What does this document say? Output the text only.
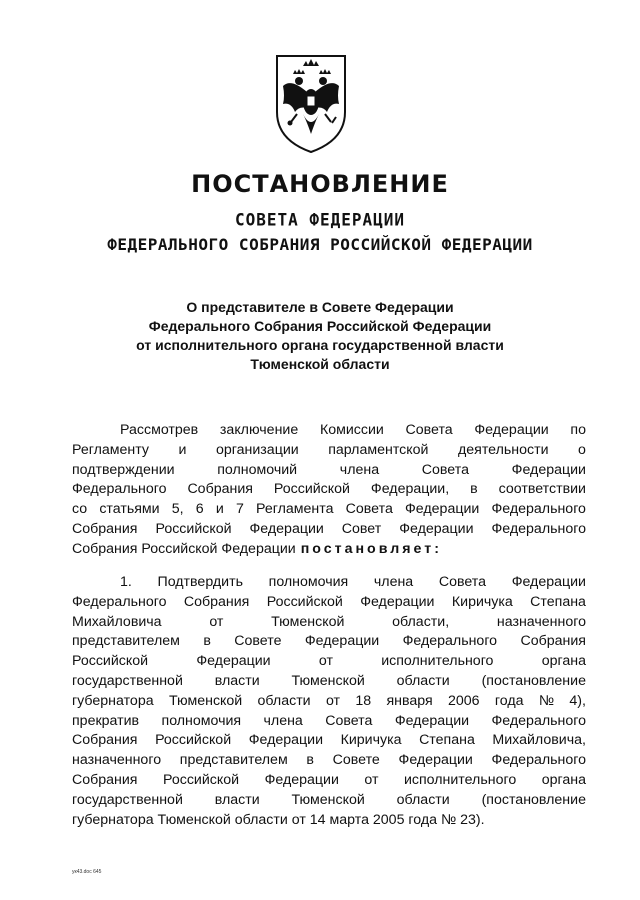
ПОСТАНОВЛЕНИЕ
СОВЕТА ФЕДЕРАЦИИ
ФЕДЕРАЛЬНОГО СОБРАНИЯ РОССИЙСКОЙ ФЕДЕРАЦИИ
О представителе в Совете Федерации
Федерального Собрания Российской Федерации
от исполнительного органа государственной власти
Тюменской области
Рассмотрев заключение Комиссии Совета Федерации по
Регламенту и организации парламентской деятельности о
подтверждении	полномочий	члена	Совета	Федерации
Федерального Собрания Российской Федерации, в соответствии
со статьями 5, 6 и 7 Регламента Совета Федерации Федерального
Собрания Российской Федерации Совет Федерации Федерального
Собрания Российской Федерации постановляет:
1. Подтвердить полномочия члена Совета Федерации
Федерального Собрания Российской Федерации Киричука Степана
Михайловича	от	Тюменской	области,	назначенного
представителем в Совете Федерации Федерального Собрания
Российской	Федерации	от	исполнительного	органа
государственной власти Тюменской области (постановление
губернатора Тюменской области от 18 января 2006 года № 4),
прекратив полномочия члена Совета Федерации Федерального
Собрания Российской Федерации Киричука Степана Михайловича,
назначенного представителем в Совете Федерации Федерального
Собрания Российской Федерации от исполнительного органа
государственной власти Тюменской области (постановление
губернатора Тюменской области от 14 марта 2005 года № 23).
ук43.doc 645
